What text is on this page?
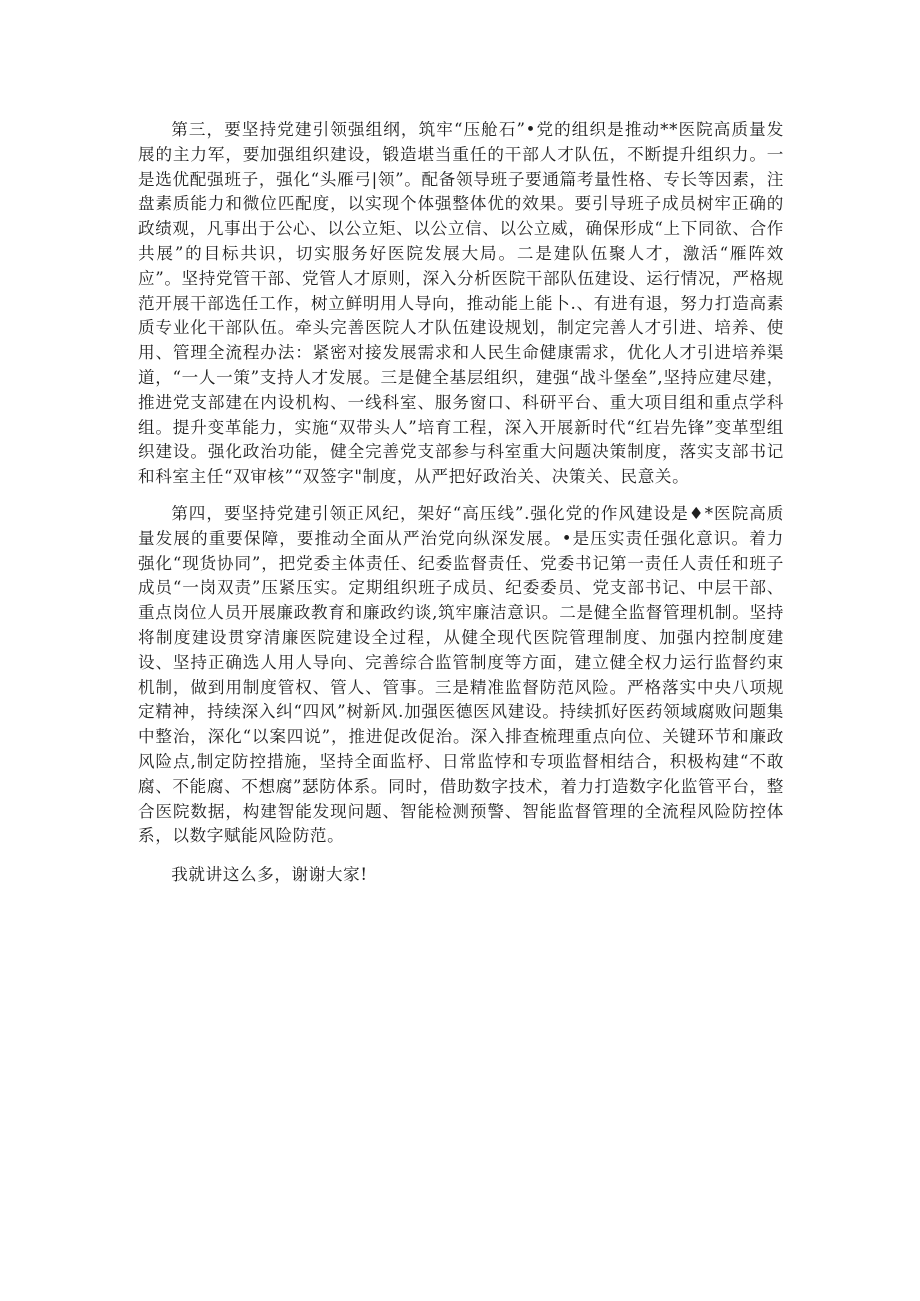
第三，要坚持党建引领强组纲，筑牢“压舱石”•党的组织是推动**医院高质量发展的主力军，要加强组织建设，锻造堪当重任的干部人才队伍，不断提升组织力。一是选优配强班子，强化“头雁弓|领”。配备领导班子要通篇考量性格、专长等因素，注盘素质能力和微位匹配度，以实现个体强整体优的效果。要引导班子成员树牢正确的政绩观，凡事出于公心、以公立矩、以公立信、以公立威，确保形成“上下同欲、合作共展”的目标共识，切实服务好医院发展大局。二是建队伍聚人才，激活“雁阵效应”。坚持党管干部、党管人才原则，深入分析医院干部队伍建设、运行情况，严格规范开展干部选任工作，树立鲜明用人导向，推动能上能卜.、有进有退，努力打造高素质专业化干部队伍。牵头完善医院人才队伍建设规划，制定完善人才引进、培养、使用、管理全流程办法：紧密对接发展需求和人民生命健康需求，优化人才引进培养渠道，“一人一策”支持人才发展。三是健全基层组织，建强“战斗堡垒”,坚持应建尽建，推进党支部建在内设机构、一线科室、服务窗口、科研平台、重大项目组和重点学科组。提升变革能力，实施“双带头人”培育工程，深入开展新时代“红岩先锋”变革型组织建设。强化政治功能，健全完善党支部参与科室重大问题决策制度，落实支部书记和科室主任“双审核”“双签字"制度，从严把好政治关、决策关、民意关。

第四，要坚持党建引领正风纪，架好“高压线”.强化党的作风建设是♦*医院高质量发展的重要保障，要推动全面从严治党向纵深发展。•是压实责任强化意识。着力强化“现货协同”，把党委主体责任、纪委监督责任、党委书记第一责任人责任和班子成员“一岗双责”压紧压实。定期组织班子成员、纪委委员、党支部书记、中层干部、重点岗位人员开展廉政教育和廉政约谈,筑牢廉洁意识。二是健全监督管理机制。坚持将制度建设贯穿清廉医院建设全过程，从健全现代医院管理制度、加强内控制度建设、坚持正确选人用人导向、完善综合监管制度等方面，建立健全权力运行监督约束机制，做到用制度管权、管人、管事。三是精准监督防范风险。严格落实中央八项规定精神，持续深入纠“四风”树新风.加强医德医风建设。持续抓好医药领域腐败问题集中整治，深化“以案四说”，推进促改促治。深入排查梳理重点向位、关键环节和廉政风险点,制定防控措施，坚持全面监杼、日常监悖和专项监督相结合，积极构建“不敢腐、不能腐、不想腐”瑟防体系。同时，借助数字技术，着力打造数字化监管平台，整合医院数据，构建智能发现问题、智能检测预警、智能监督管理的全流程风险防控体系，以数字赋能风险防范。

我就讲这么多，谢谢大家!
